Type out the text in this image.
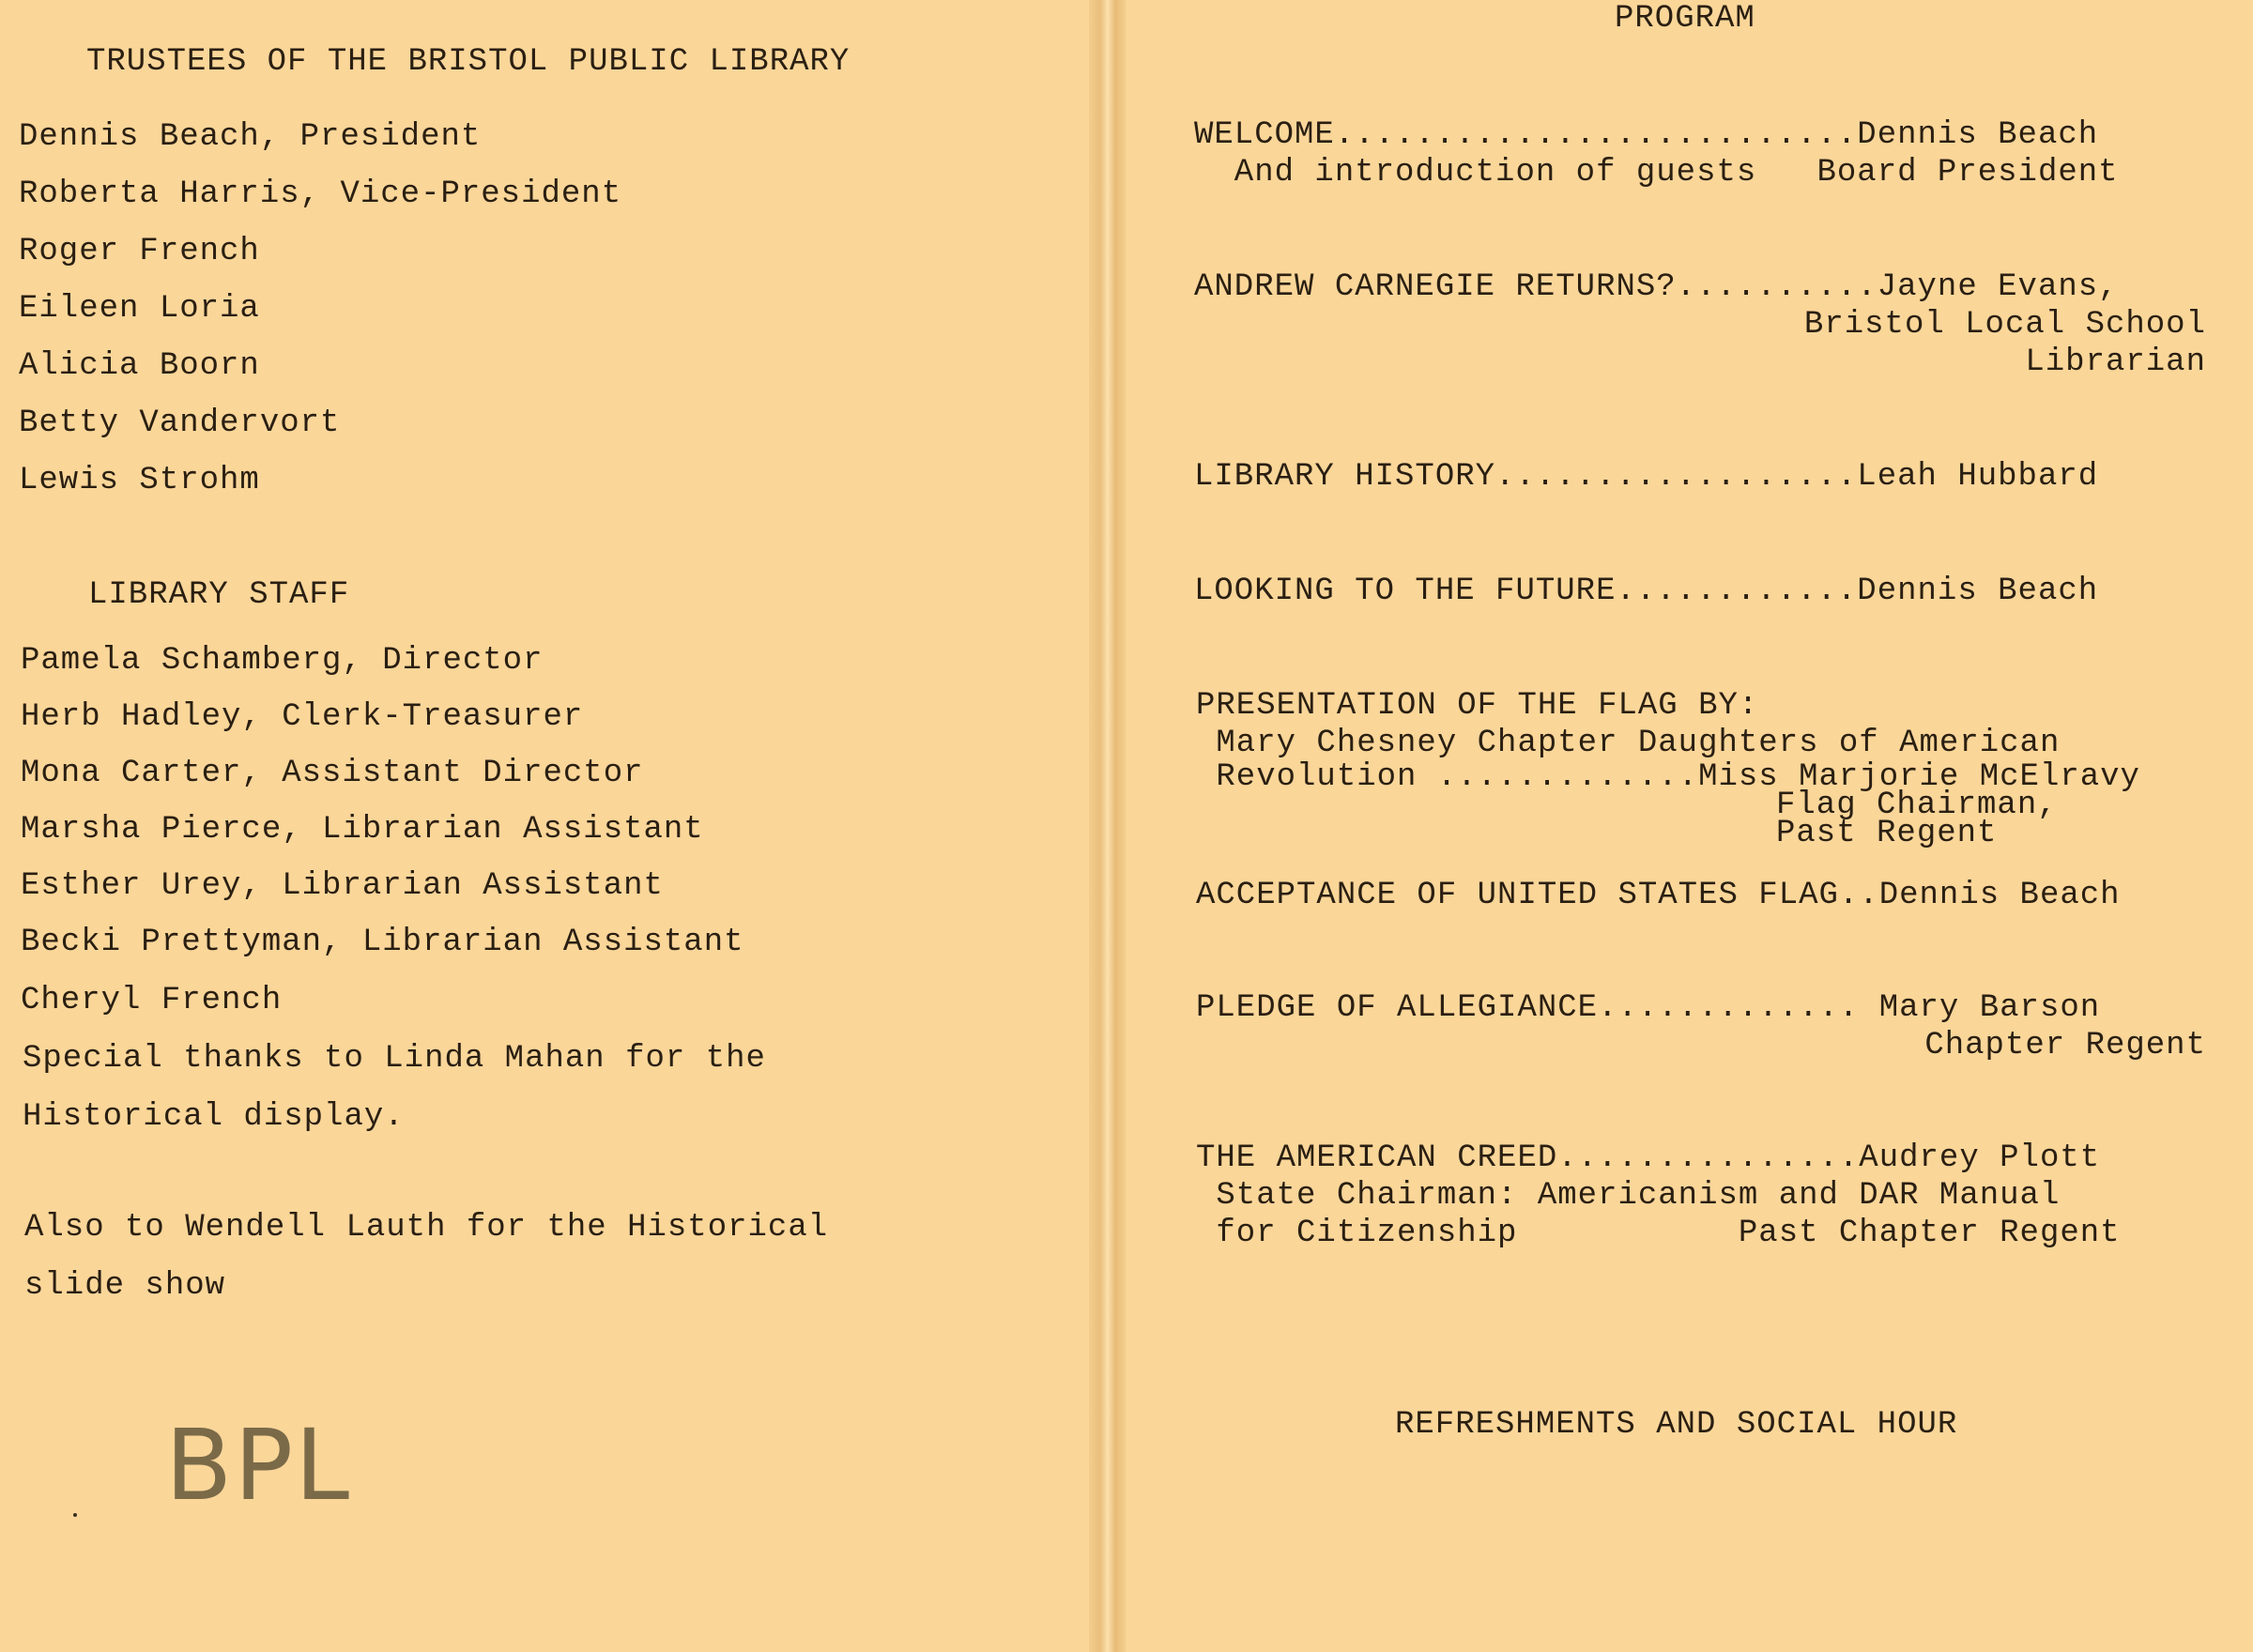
TRUSTEES OF THE BRISTOL PUBLIC LIBRARY
Dennis Beach, President
Roberta Harris, Vice-President
Roger French
Eileen Loria
Alicia Boorn
Betty Vandervort
Lewis Strohm
LIBRARY STAFF
Pamela Schamberg, Director
Herb Hadley, Clerk-Treasurer
Mona Carter, Assistant Director
Marsha Pierce, Librarian Assistant
Esther Urey, Librarian Assistant
Becki Prettyman, Librarian Assistant
Cheryl French
Special thanks to Linda Mahan for the
Historical display.
Also to Wendell Lauth for the Historical
slide show
BPL
PROGRAM
WELCOME..........................Dennis Beach
And introduction of guests   Board President
ANDREW CARNEGIE RETURNS?..........Jayne Evans,
Bristol Local School
Librarian
LIBRARY HISTORY..................Leah Hubbard
LOOKING TO THE FUTURE............Dennis Beach
PRESENTATION OF THE FLAG BY:
Mary Chesney Chapter Daughters of American
Revolution .............Miss Marjorie McElravy
Flag Chairman,
Past Regent
ACCEPTANCE OF UNITED STATES FLAG..Dennis Beach
PLEDGE OF ALLEGIANCE............. Mary Barson
Chapter Regent
THE AMERICAN CREED...............Audrey Plott
State Chairman: Americanism and DAR Manual
for Citizenship           Past Chapter Regent
REFRESHMENTS AND SOCIAL HOUR
